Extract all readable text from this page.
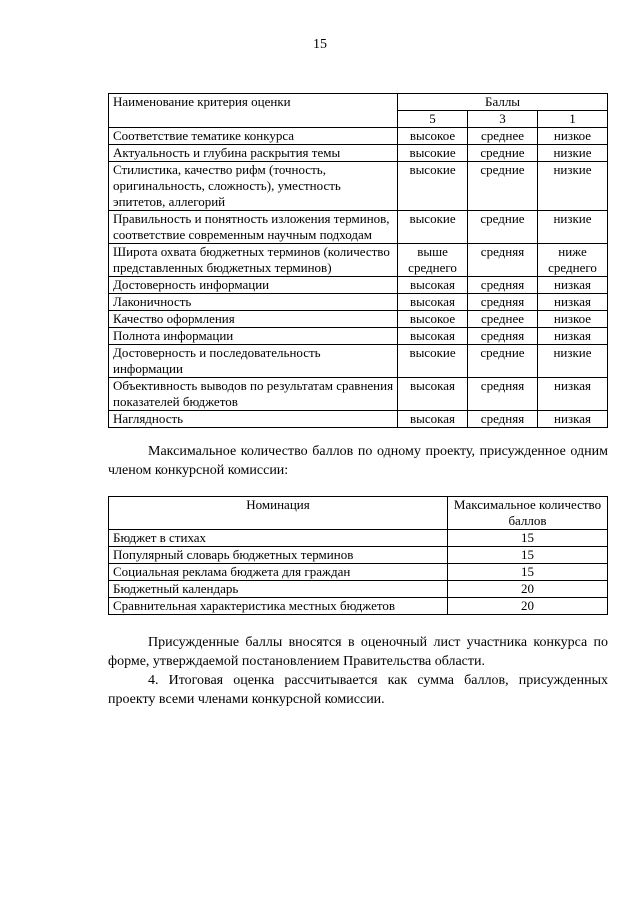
15
Наименование критерия оценки	Баллы		
	5	3	1
Соответствие тематике конкурса	высокое	среднее	низкое
Актуальность и глубина раскрытия темы	высокие	средние	низкие
Стилистика, качество рифм (точность, оригинальность, сложность), уместность эпитетов, аллегорий	высокие	средние	низкие
Правильность и понятность изложения терминов, соответствие современным научным подходам	высокие	средние	низкие
Широта охвата бюджетных терминов (количество представленных бюджетных терминов)	выше среднего	средняя	ниже среднего
Достоверность информации	высокая	средняя	низкая
Лаконичность	высокая	средняя	низкая
Качество оформления	высокое	среднее	низкое
Полнота информации	высокая	средняя	низкая
Достоверность и последовательность информации	высокие	средние	низкие
Объективность выводов по результатам сравнения показателей бюджетов	высокая	средняя	низкая
Наглядность	высокая	средняя	низкая

Максимальное количество баллов по одному проекту, присужденное одним членом конкурсной комиссии:

Номинация	Максимальное количество баллов
Бюджет в стихах	15
Популярный словарь бюджетных терминов	15
Социальная реклама бюджета для граждан	15
Бюджетный календарь	20
Сравнительная характеристика местных бюджетов	20

Присужденные баллы вносятся в оценочный лист участника конкурса по форме, утверждаемой постановлением Правительства области.

4. Итоговая оценка рассчитывается как сумма баллов, присужденных проекту всеми членами конкурсной комиссии.
